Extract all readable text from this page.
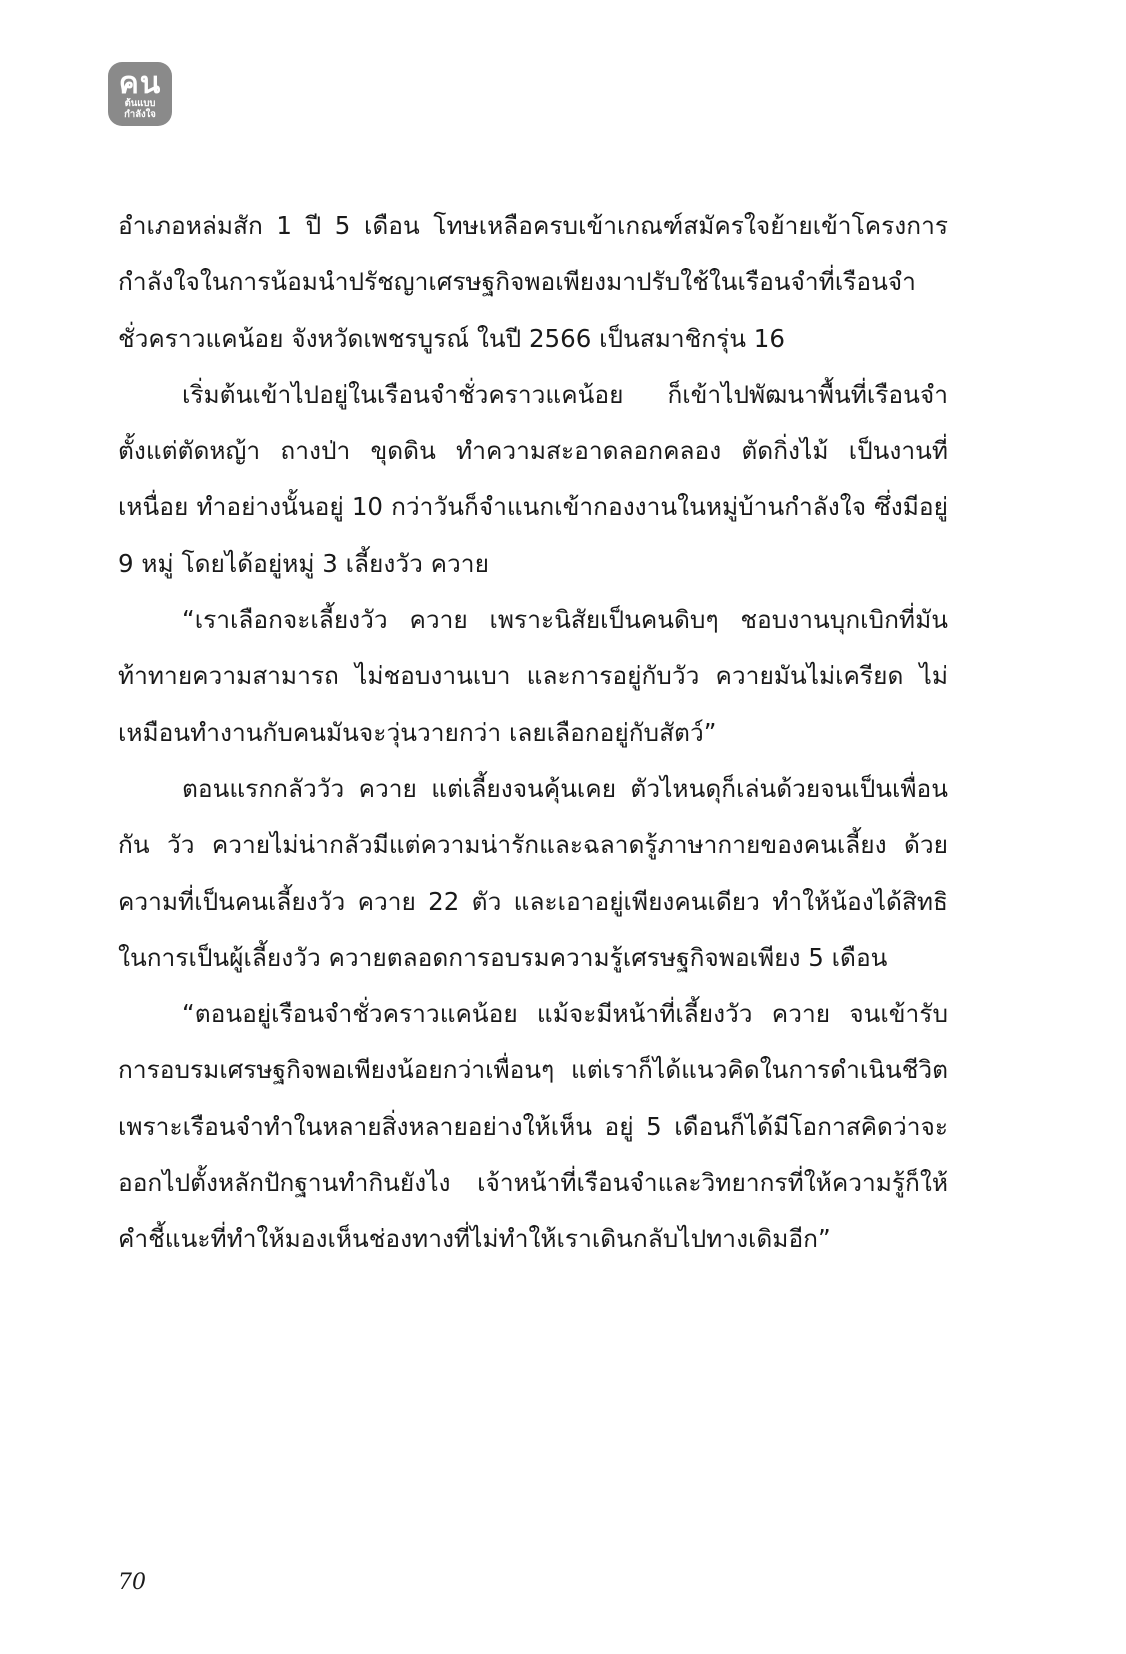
คน
ต้นแบบ
กำลังใจ

อำเภอหล่มสัก 1 ปี 5 เดือน โทษเหลือครบเข้าเกณฑ์สมัครใจย้ายเข้าโครงการกำลังใจในการน้อมนำปรัชญาเศรษฐกิจพอเพียงมาปรับใช้ในเรือนจำที่เรือนจำชั่วคราวแคน้อย จังหวัดเพชรบูรณ์ ในปี 2566 เป็นสมาชิกรุ่น 16

เริ่มต้นเข้าไปอยู่ในเรือนจำชั่วคราวแคน้อย ก็เข้าไปพัฒนาพื้นที่เรือนจำ ตั้งแต่ตัดหญ้า ถางป่า ขุดดิน ทำความสะอาดลอกคลอง ตัดกิ่งไม้ เป็นงานที่เหนื่อย ทำอย่างนั้นอยู่ 10 กว่าวันก็จำแนกเข้ากองงานในหมู่บ้านกำลังใจ ซึ่งมีอยู่ 9 หมู่ โดยได้อยู่หมู่ 3 เลี้ยงวัว ควาย

“เราเลือกจะเลี้ยงวัว ควาย เพราะนิสัยเป็นคนดิบๆ ชอบงานบุกเบิกที่มันท้าทายความสามารถ ไม่ชอบงานเบา และการอยู่กับวัว ควายมันไม่เครียด ไม่เหมือนทำงานกับคนมันจะวุ่นวายกว่า เลยเลือกอยู่กับสัตว์”

ตอนแรกกลัววัว ควาย แต่เลี้ยงจนคุ้นเคย ตัวไหนดุก็เล่นด้วยจนเป็นเพื่อนกัน วัว ควายไม่น่ากลัวมีแต่ความน่ารักและฉลาดรู้ภาษากายของคนเลี้ยง ด้วยความที่เป็นคนเลี้ยงวัว ควาย 22 ตัว และเอาอยู่เพียงคนเดียว ทำให้น้องได้สิทธิในการเป็นผู้เลี้ยงวัว ควายตลอดการอบรมความรู้เศรษฐกิจพอเพียง 5 เดือน

“ตอนอยู่เรือนจำชั่วคราวแคน้อย แม้จะมีหน้าที่เลี้ยงวัว ควาย จนเข้ารับการอบรมเศรษฐกิจพอเพียงน้อยกว่าเพื่อนๆ แต่เราก็ได้แนวคิดในการดำเนินชีวิต เพราะเรือนจำทำในหลายสิ่งหลายอย่างให้เห็น อยู่ 5 เดือนก็ได้มีโอกาสคิดว่าจะออกไปตั้งหลักปักฐานทำกินยังไง เจ้าหน้าที่เรือนจำและวิทยากรที่ให้ความรู้ก็ให้คำชี้แนะที่ทำให้มองเห็นช่องทางที่ไม่ทำให้เราเดินกลับไปทางเดิมอีก”

70
